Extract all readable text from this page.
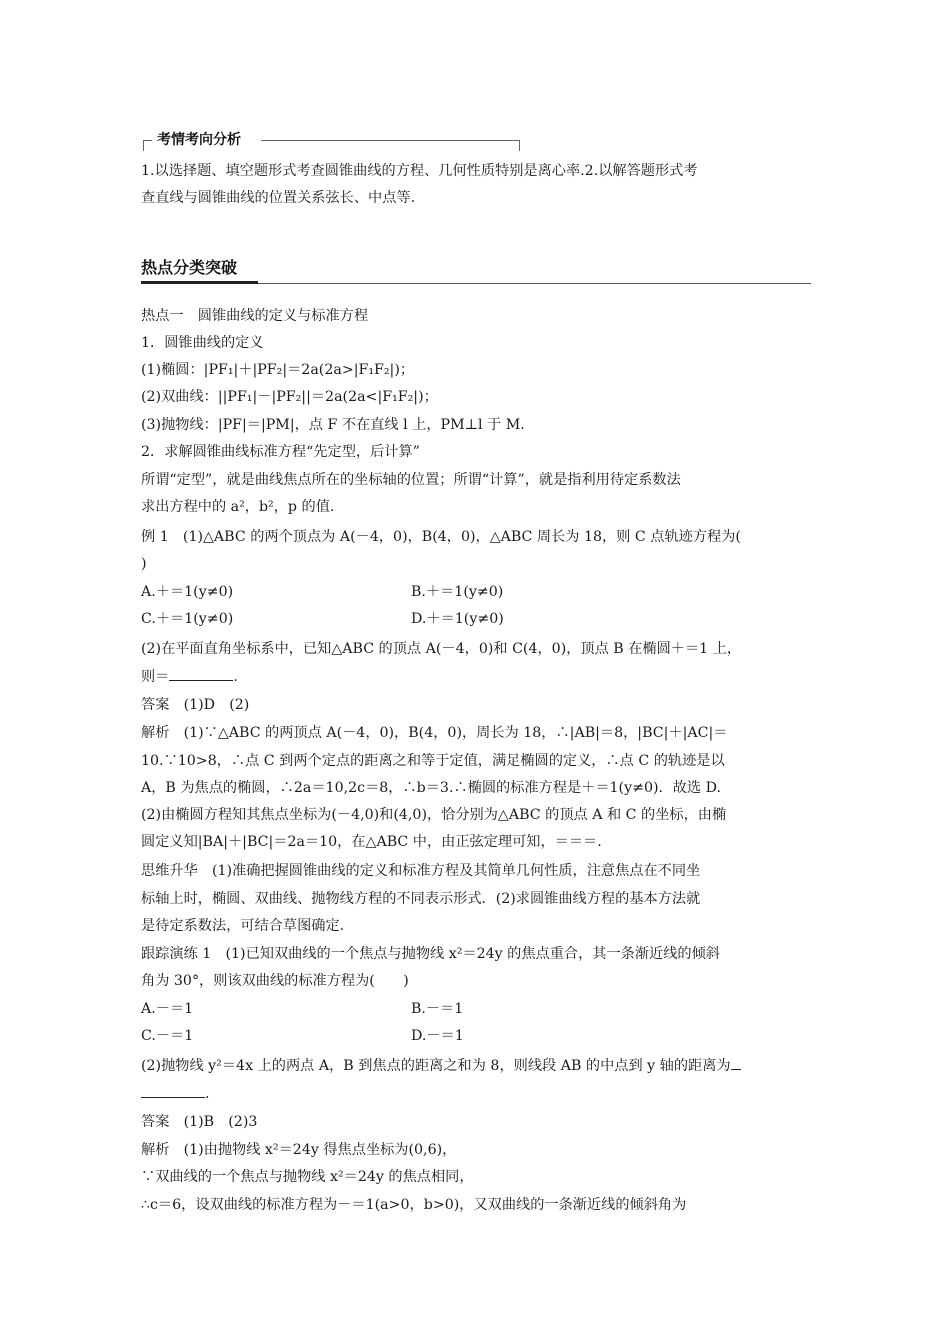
考情考向分析
1.以选择题、填空题形式考查圆锥曲线的方程、几何性质特别是离心率.2.以解答题形式考
查直线与圆锥曲线的位置关系弦长、中点等.
热点分类突破
热点一　圆锥曲线的定义与标准方程
1．圆锥曲线的定义
(1)椭圆：|PF₁|＋|PF₂|＝2a(2a>|F₁F₂|)；
(2)双曲线：||PF₁|－|PF₂||＝2a(2a<|F₁F₂|)；
(3)抛物线：|PF|＝|PM|，点 F 不在直线 l 上，PM⊥l 于 M.
2．求解圆锥曲线标准方程“先定型，后计算”
所谓“定型”，就是曲线焦点所在的坐标轴的位置；所谓“计算”，就是指利用待定系数法
求出方程中的 a²，b²，p 的值.
例 1　(1)△ABC 的两个顶点为 A(－4，0)，B(4，0)，△ABC 周长为 18，则 C 点轨迹方程为(
)
A.＋＝1(y≠0)	B.＋＝1(y≠0)
C.＋＝1(y≠0)	D.＋＝1(y≠0)
(2)在平面直角坐标系中，已知△ABC 的顶点 A(－4，0)和 C(4，0)，顶点 B 在椭圆＋＝1 上，
则＝	.
答案　(1)D　(2)
解析　(1)∵△ABC 的两顶点 A(－4，0)，B(4，0)，周长为 18，∴|AB|＝8，|BC|＋|AC|＝
10.∵10>8，∴点 C 到两个定点的距离之和等于定值，满足椭圆的定义，∴点 C 的轨迹是以
A，B 为焦点的椭圆，∴2a＝10,2c＝8，∴b＝3.∴椭圆的标准方程是＋＝1(y≠0)．故选 D.
(2)由椭圆方程知其焦点坐标为(－4,0)和(4,0)，恰分别为△ABC 的顶点 A 和 C 的坐标，由椭
圆定义知|BA|＋|BC|＝2a＝10，在△ABC 中，由正弦定理可知，＝＝＝.
思维升华　(1)准确把握圆锥曲线的定义和标准方程及其简单几何性质，注意焦点在不同坐
标轴上时，椭圆、双曲线、抛物线方程的不同表示形式．(2)求圆锥曲线方程的基本方法就
是待定系数法，可结合草图确定.
跟踪演练 1　(1)已知双曲线的一个焦点与抛物线 x²＝24y 的焦点重合，其一条渐近线的倾斜
角为 30°，则该双曲线的标准方程为(　　)
A.－＝1	B.－＝1
C.－＝1	D.－＝1
(2)抛物线 y²＝4x 上的两点 A，B 到焦点的距离之和为 8，则线段 AB 的中点到 y 轴的距离为
.
答案　(1)B　(2)3
解析　(1)由抛物线 x²＝24y 得焦点坐标为(0,6)，
∵双曲线的一个焦点与抛物线 x²＝24y 的焦点相同，
∴c＝6，设双曲线的标准方程为－＝1(a>0，b>0)，又双曲线的一条渐近线的倾斜角为
